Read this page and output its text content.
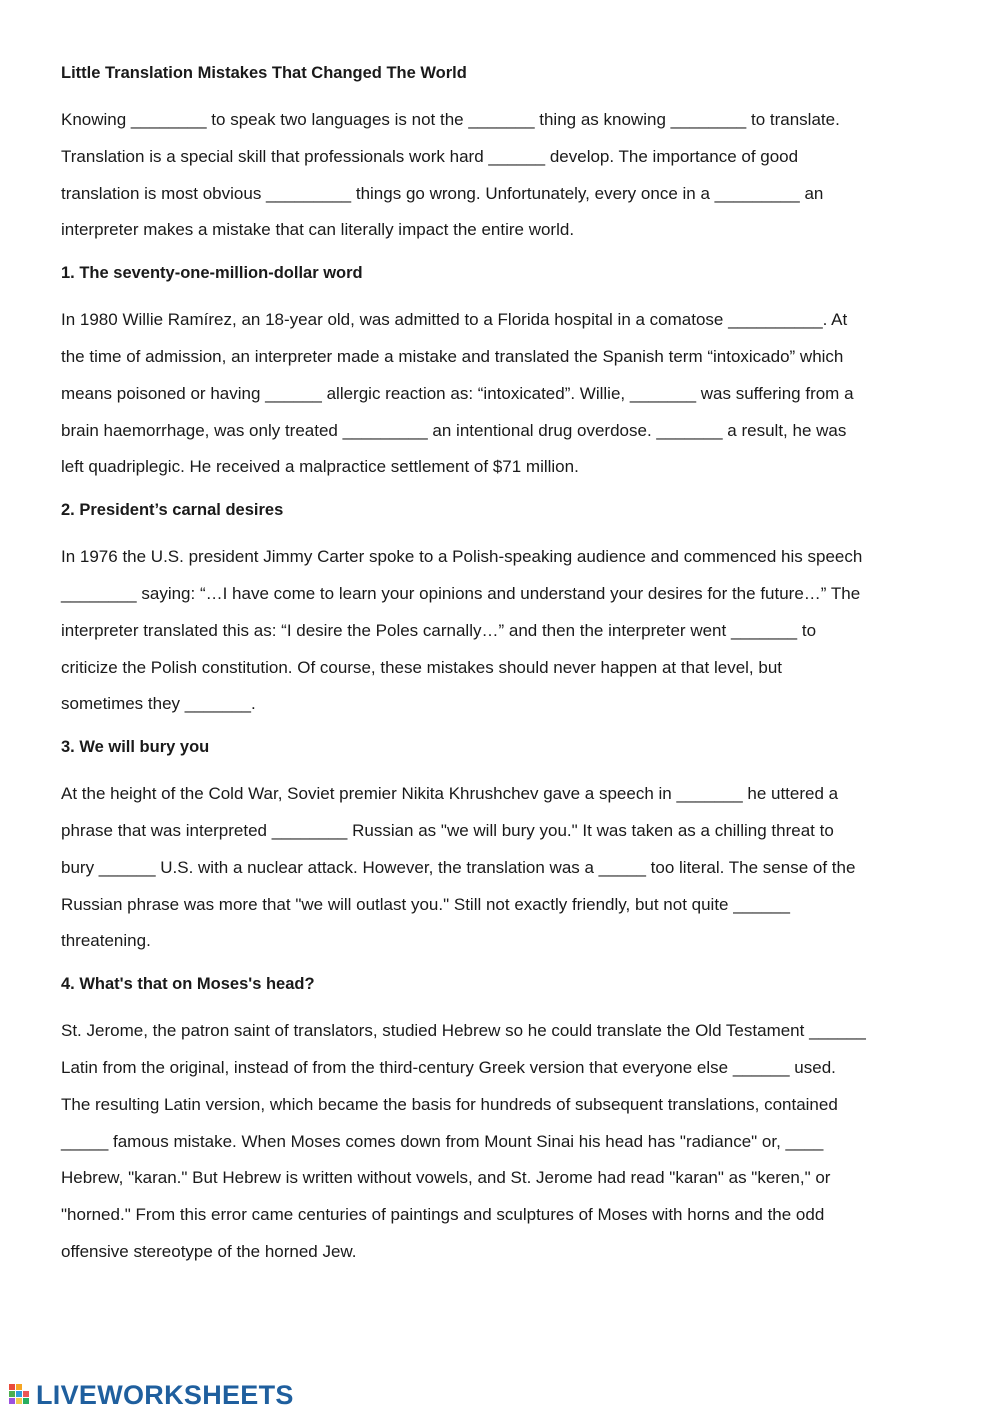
Little Translation Mistakes That Changed The World
Knowing ________ to speak two languages is not the _______ thing as knowing ________ to translate.
Translation is a special skill that professionals work hard ______ develop. The importance of good
translation is most obvious _________ things go wrong. Unfortunately, every once in a _________ an
interpreter makes a mistake that can literally impact the entire world.
1. The seventy-one-million-dollar word
In 1980 Willie Ramírez, an 18-year old, was admitted to a Florida hospital in a comatose __________. At
the time of admission, an interpreter made a mistake and translated the Spanish term “intoxicado” which
means poisoned or having ______ allergic reaction as: “intoxicated”. Willie, _______ was suffering from a
brain haemorrhage, was only treated _________ an intentional drug overdose. _______ a result, he was
left quadriplegic. He received a malpractice settlement of $71 million.
2. President’s carnal desires
In 1976 the U.S. president Jimmy Carter spoke to a Polish-speaking audience and commenced his speech
________ saying: “…I have come to learn your opinions and understand your desires for the future…” The
interpreter translated this as: “I desire the Poles carnally…” and then the interpreter went _______ to
criticize the Polish constitution. Of course, these mistakes should never happen at that level, but
sometimes they _______.
3. We will bury you
At the height of the Cold War, Soviet premier Nikita Khrushchev gave a speech in _______ he uttered a
phrase that was interpreted ________ Russian as "we will bury you." It was taken as a chilling threat to
bury ______ U.S. with a nuclear attack. However, the translation was a _____ too literal. The sense of the
Russian phrase was more that "we will outlast you." Still not exactly friendly, but not quite ______
threatening.
4. What's that on Moses's head?
St. Jerome, the patron saint of translators, studied Hebrew so he could translate the Old Testament ______
Latin from the original, instead of from the third-century Greek version that everyone else ______ used.
The resulting Latin version, which became the basis for hundreds of subsequent translations, contained
_____ famous mistake. When Moses comes down from Mount Sinai his head has "radiance" or, ____
Hebrew, "karan." But Hebrew is written without vowels, and St. Jerome had read "karan" as "keren," or
"horned." From this error came centuries of paintings and sculptures of Moses with horns and the odd
offensive stereotype of the horned Jew.
LIVEWORKSHEETS
